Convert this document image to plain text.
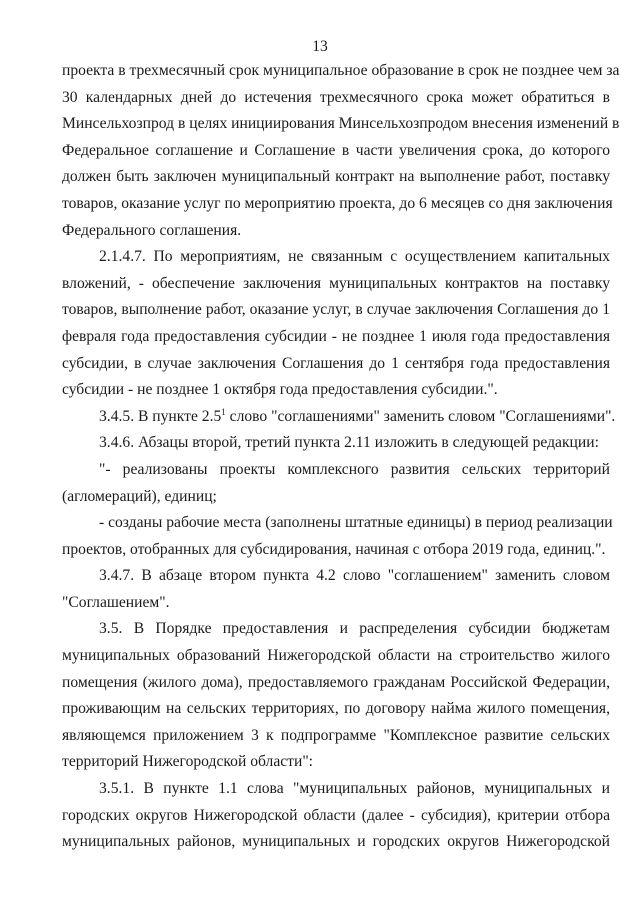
13
проекта в трехмесячный срок муниципальное образование в срок не позднее чем за
30 календарных дней до истечения трехмесячного срока может обратиться в
Минсельхозпрод в целях инициирования Минсельхозпродом внесения изменений в
Федеральное соглашение и Соглашение в части увеличения срока, до которого
должен быть заключен муниципальный контракт на выполнение работ, поставку
товаров, оказание услуг по мероприятию проекта, до 6 месяцев со дня заключения
Федерального соглашения.
2.1.4.7. По мероприятиям, не связанным с осуществлением капитальных
вложений, - обеспечение заключения муниципальных контрактов на поставку
товаров, выполнение работ, оказание услуг, в случае заключения Соглашения до 1
февраля года предоставления субсидии - не позднее 1 июля года предоставления
субсидии, в случае заключения Соглашения до 1 сентября года предоставления
субсидии - не позднее 1 октября года предоставления субсидии.".
3.4.5. В пункте $2.5^1$ слово "соглашениями" заменить словом "Соглашениями".
3.4.6. Абзацы второй, третий пункта 2.11 изложить в следующей редакции:
"- реализованы проекты комплексного развития сельских территорий
(агломераций), единиц;
- созданы рабочие места (заполнены штатные единицы) в период реализации
проектов, отобранных для субсидирования, начиная с отбора 2019 года, единиц.".
3.4.7. В абзаце втором пункта 4.2 слово "соглашением" заменить словом
"Соглашением".
3.5. В Порядке предоставления и распределения субсидии бюджетам
муниципальных образований Нижегородской области на строительство жилого
помещения (жилого дома), предоставляемого гражданам Российской Федерации,
проживающим на сельских территориях, по договору найма жилого помещения,
являющемся приложением 3 к подпрограмме "Комплексное развитие сельских
территорий Нижегородской области":
3.5.1. В пункте 1.1 слова "муниципальных районов, муниципальных и
городских округов Нижегородской области (далее - субсидия), критерии отбора
муниципальных районов, муниципальных и городских округов Нижегородской
